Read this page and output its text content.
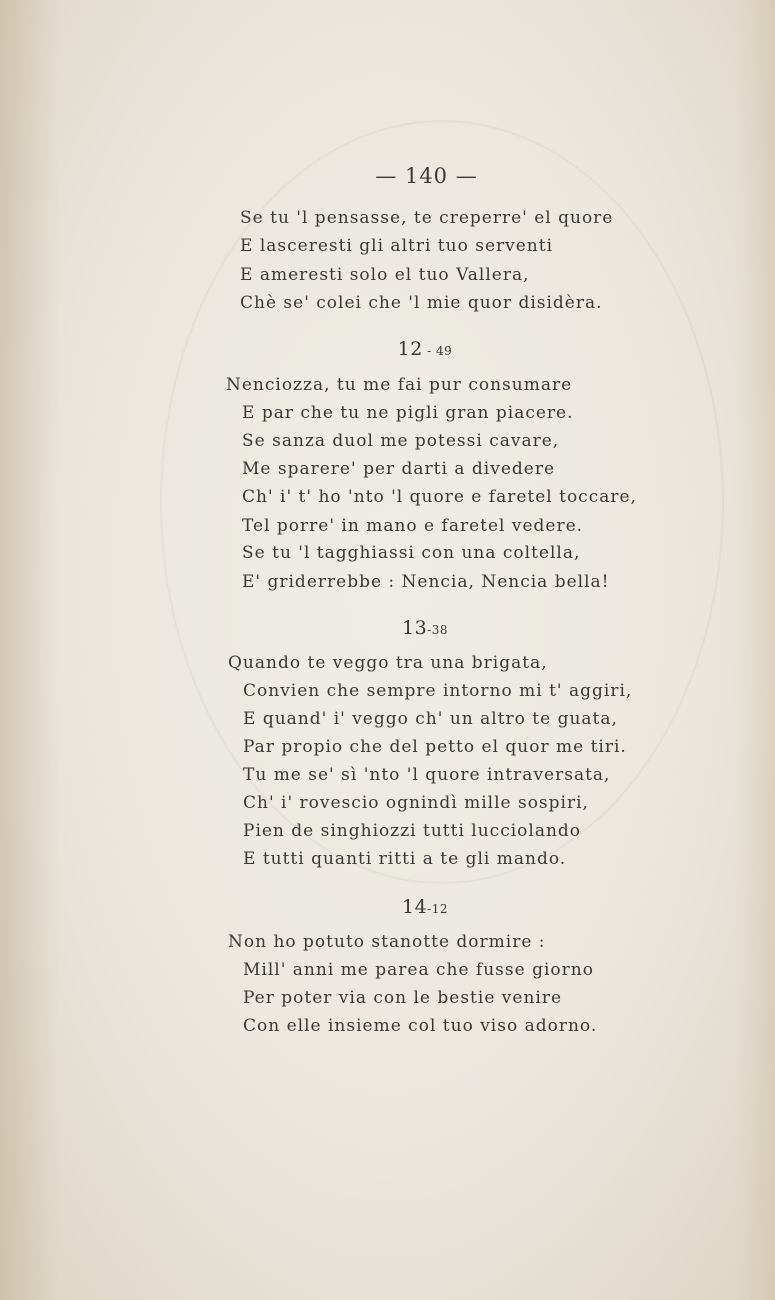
— 140 —
Se tu 'l pensasse, te creperre' el quore
E lasceresti gli altri tuo serventi
E ameresti solo el tuo Vallera,
Chè se' colei che 'l mie quor disidèra.
12 - 49
Nenciozza, tu me fai pur consumare
E par che tu ne pigli gran piacere.
Se sanza duol me potessi cavare,
Me sparere' per darti a divedere
Ch' i' t' ho 'nto 'l quore e faretel toccare,
Tel porre' in mano e faretel vedere.
Se tu 'l tagghiassi con una coltella,
E' griderrebbe : Nencia, Nencia bella!
13-38
Quando te veggo tra una brigata,
Convien che sempre intorno mi t' aggiri,
E quand' i' veggo ch' un altro te guata,
Par propio che del petto el quor me tiri.
Tu me se' sì 'nto 'l quore intraversata,
Ch' i' rovescio ognindì mille sospiri,
Pien de singhiozzi tutti lucciolando
E tutti quanti ritti a te gli mando.
14-12
Non ho potuto stanotte dormire :
Mill' anni me parea che fusse giorno
Per poter via con le bestie venire
Con elle insieme col tuo viso adorno.
